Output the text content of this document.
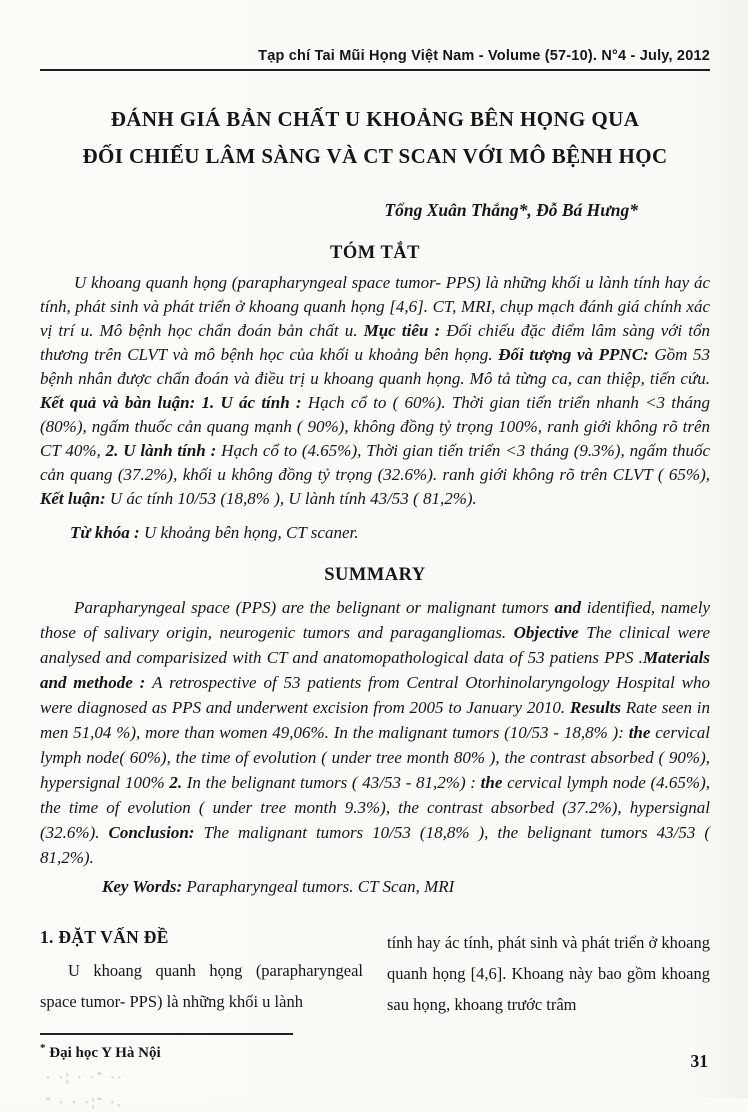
Tạp chí Tai Mũi Họng Việt Nam - Volume (57-10). N°4 - July, 2012
ĐÁNH GIÁ BẢN CHẤT U KHOẢNG BÊN HỌNG QUA
ĐỐI CHIẾU LÂM SÀNG VÀ CT SCAN VỚI MÔ BỆNH HỌC
Tổng Xuân Thắng*, Đỗ Bá Hưng*
TÓM TẮT

U khoang quanh họng (parapharyngeal space tumor- PPS) là những khối u lành tính hay ác tính, phát sinh và phát triển ở khoang quanh họng [4,6]. CT, MRI, chụp mạch đánh giá chính xác vị trí u. Mô bệnh học chẩn đoán bản chất u. Mục tiêu : Đối chiếu đặc điểm lâm sàng với tổn thương trên CLVT và mô bệnh học của khối u khoảng bên họng. Đối tượng và PPNC: Gồm 53 bệnh nhân được chẩn đoán và điều trị u khoang quanh họng. Mô tả từng ca, can thiệp, tiến cứu. Kết quả và bàn luận: 1. U ác tính : Hạch cổ to ( 60%). Thời gian tiến triển nhanh <3 tháng (80%), ngấm thuốc cản quang mạnh ( 90%), không đồng tỷ trọng 100%, ranh giới không rõ trên CT 40%, 2. U lành tính : Hạch cổ to (4.65%), Thời gian tiến triển <3 tháng (9.3%), ngấm thuốc cản quang (37.2%), khối u không đồng tỷ trọng (32.6%). ranh giới không rõ trên CLVT ( 65%), Kết luận: U ác tính 10/53 (18,8% ), U lành tính 43/53 ( 81,2%).

Từ khóa : U khoảng bên họng, CT scaner.

SUMMARY

Parapharyngeal space (PPS) are the belignant or malignant tumors and identified, namely those of salivary origin, neurogenic tumors and paragangliomas. Objective The clinical were analysed and comparisized with CT and anatomopathological data of 53 patiens PPS .Materials and methode : A retrospective of 53 patients from Central Otorhinolaryngology Hospital who were diagnosed as PPS and underwent excision from 2005 to January 2010. Results Rate seen in men 51,04 %), more than women 49,06%. In the malignant tumors (10/53 - 18,8% ): the cervical lymph node( 60%), the time of evolution ( under tree month 80% ), the contrast absorbed ( 90%), hypersignal 100% 2. In the belignant tumors ( 43/53 - 81,2%) : the cervical lymph node (4.65%), the time of evolution ( under tree month 9.3%), the contrast absorbed (37.2%), hypersignal (32.6%). Conclusion: The malignant tumors 10/53 (18,8% ), the belignant tumors 43/53 ( 81,2%).

Key Words: Parapharyngeal tumors. CT Scan, MRI

1. ĐẶT VẤN ĐỀ

U khoang quanh họng (parapharyngeal space tumor- PPS) là những khối u lành

tính hay ác tính, phát sinh và phát triển ở khoang quanh họng [4,6]. Khoang này bao gồm khoang sau họng, khoang trước trâm

* Đại học Y Hà Nội
· ·¦ · ·ˆ ··
˜ · · ·¦˜ ·.
31
